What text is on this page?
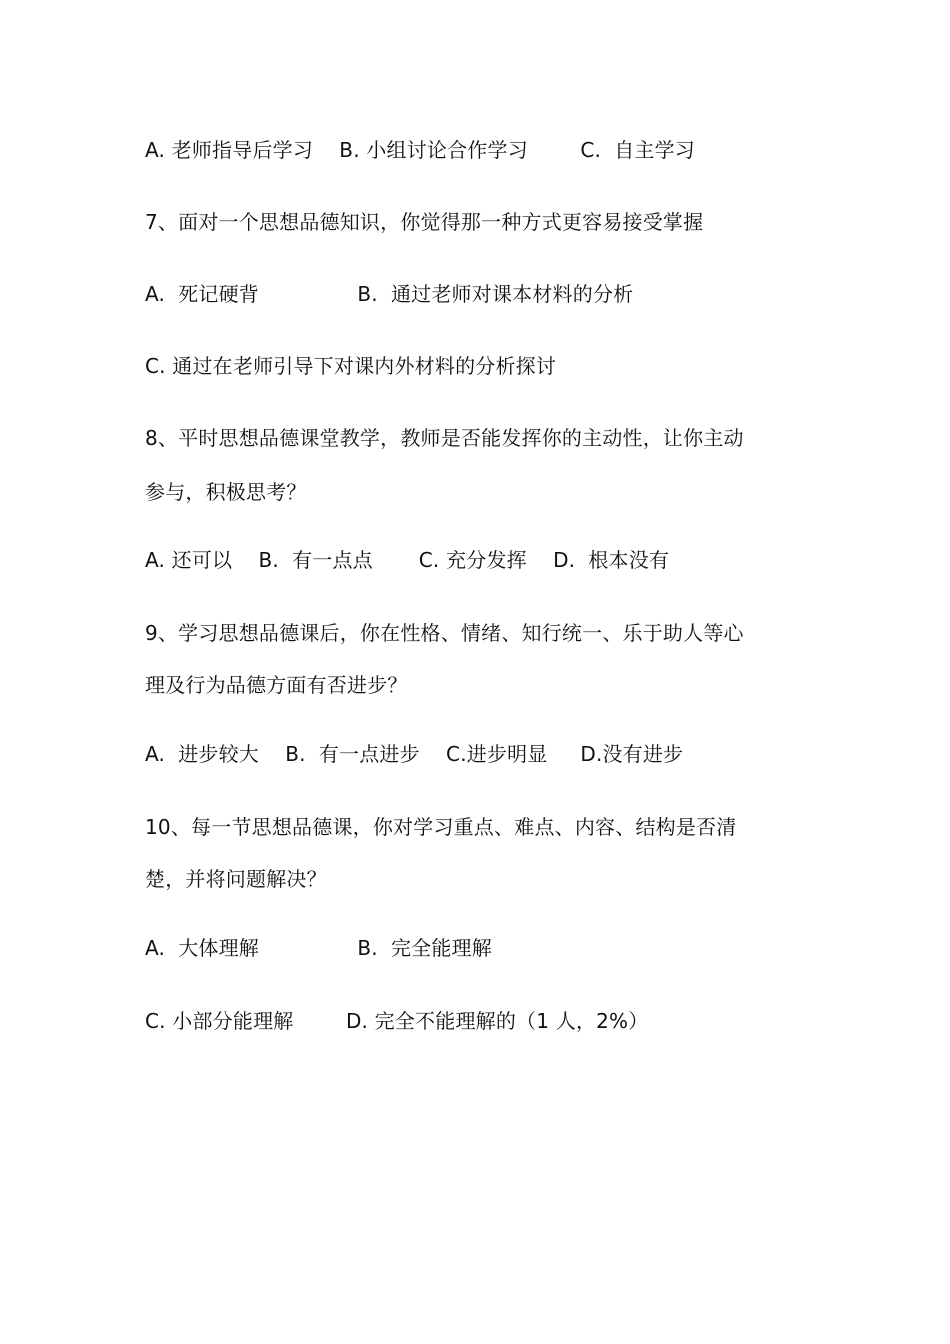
A. 老师指导后学习    B. 小组讨论合作学习        C.  自主学习
7、面对一个思想品德知识，你觉得那一种方式更容易接受掌握
A.  死记硬背               B.  通过老师对课本材料的分析
C. 通过在老师引导下对课内外材料的分析探讨
8、平时思想品德课堂教学，教师是否能发挥你的主动性，让你主动
参与，积极思考？
A. 还可以    B.  有一点点       C. 充分发挥    D.  根本没有
9、学习思想品德课后，你在性格、情绪、知行统一、乐于助人等心
理及行为品德方面有否进步？
A.  进步较大    B.  有一点进步    C.进步明显     D.没有进步
10、每一节思想品德课，你对学习重点、难点、内容、结构是否清
楚，并将问题解决？
A.  大体理解               B.  完全能理解
C. 小部分能理解        D. 完全不能理解的（1 人，2%）
